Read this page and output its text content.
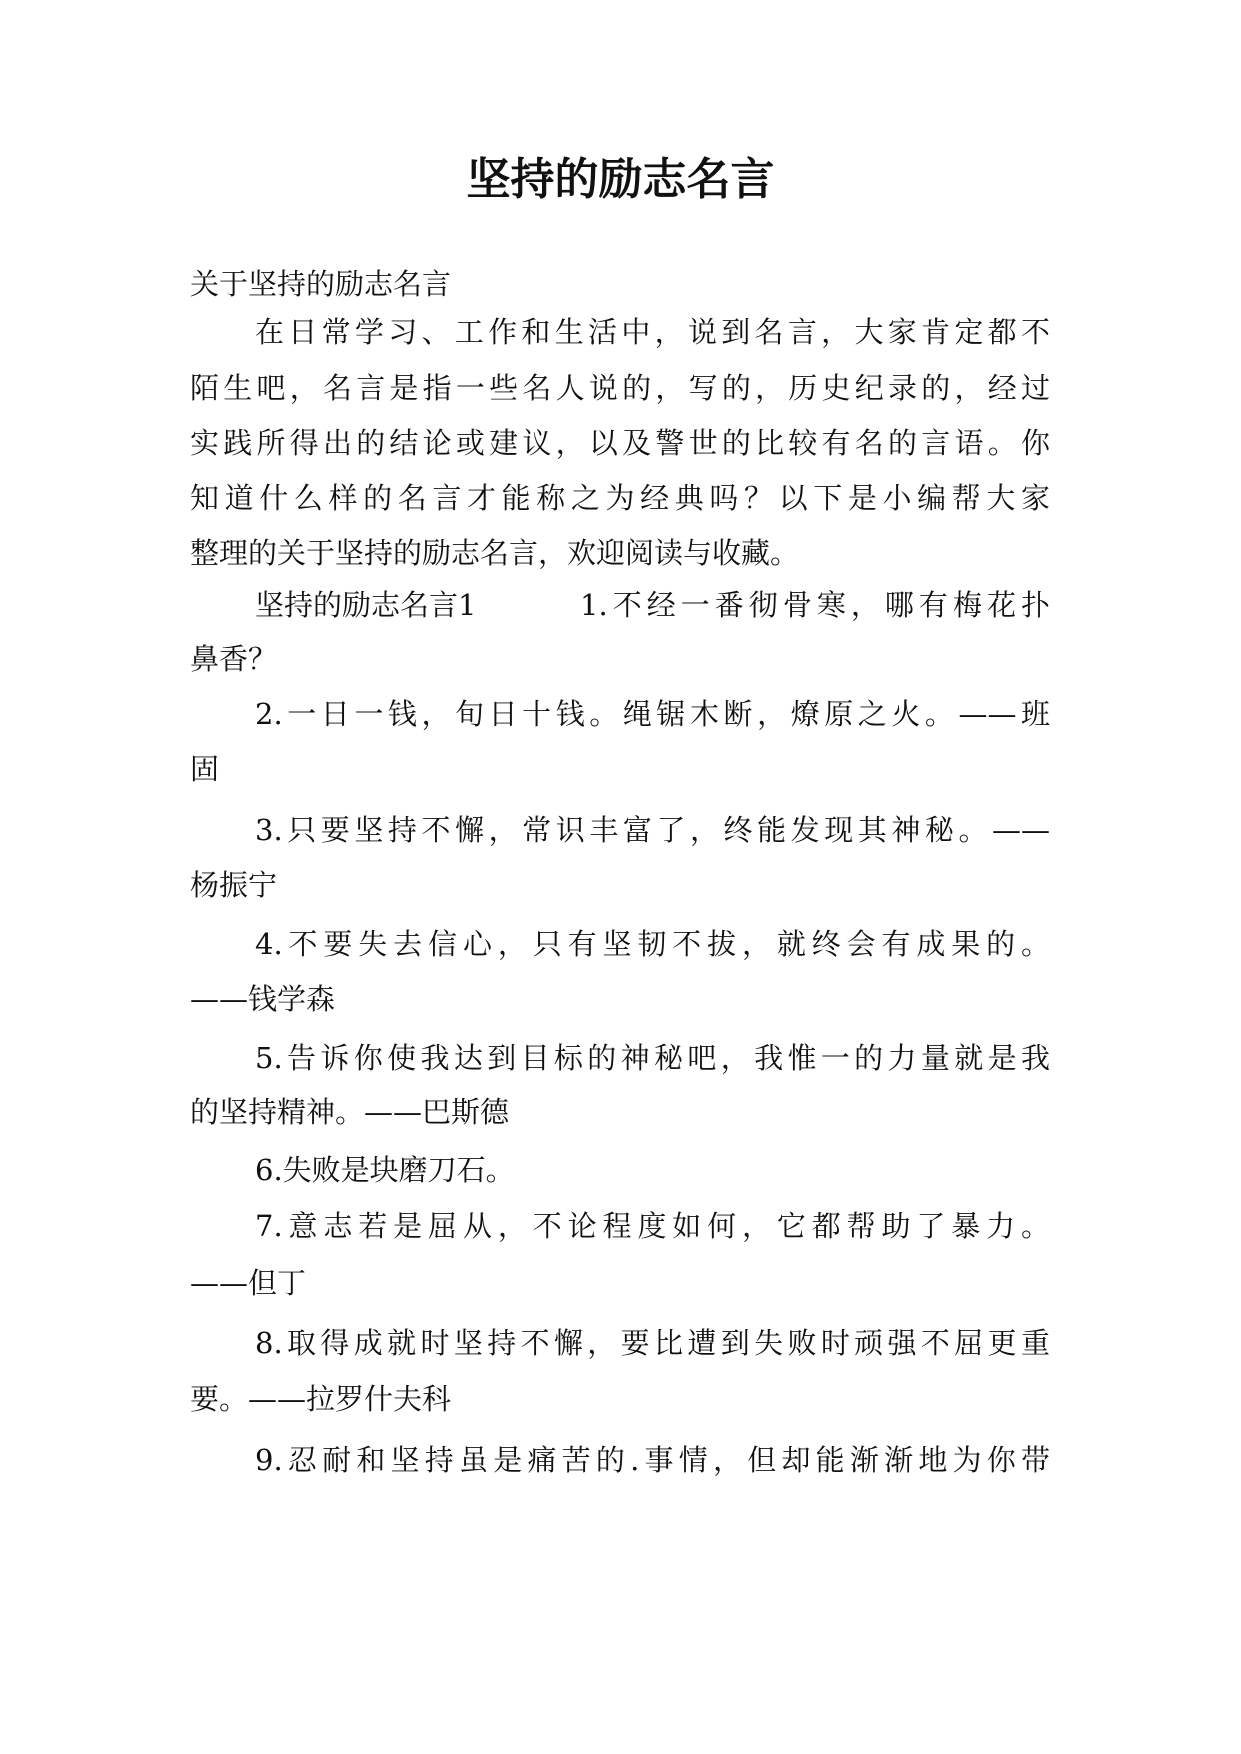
坚持的励志名言
关于坚持的励志名言
在日常学习、工作和生活中，说到名言，大家肯定都不
陌生吧，名言是指一些名人说的，写的，历史纪录的，经过
实践所得出的结论或建议，以及警世的比较有名的言语。你
知道什么样的名言才能称之为经典吗？以下是小编帮大家
整理的关于坚持的励志名言，欢迎阅读与收藏。
坚持的励志名言1	1.不经一番彻骨寒，哪有梅花扑
鼻香？
2.一日一钱，旬日十钱。绳锯木断，燎原之火。——班
固
3.只要坚持不懈，常识丰富了，终能发现其神秘。——
杨振宁
4.不要失去信心，只有坚韧不拔，就终会有成果的。
——钱学森
5.告诉你使我达到目标的神秘吧，我惟一的力量就是我
的坚持精神。——巴斯德
6.失败是块磨刀石。
7.意志若是屈从，不论程度如何，它都帮助了暴力。
——但丁
8.取得成就时坚持不懈，要比遭到失败时顽强不屈更重
要。——拉罗什夫科
9.忍耐和坚持虽是痛苦的.事情，但却能渐渐地为你带
